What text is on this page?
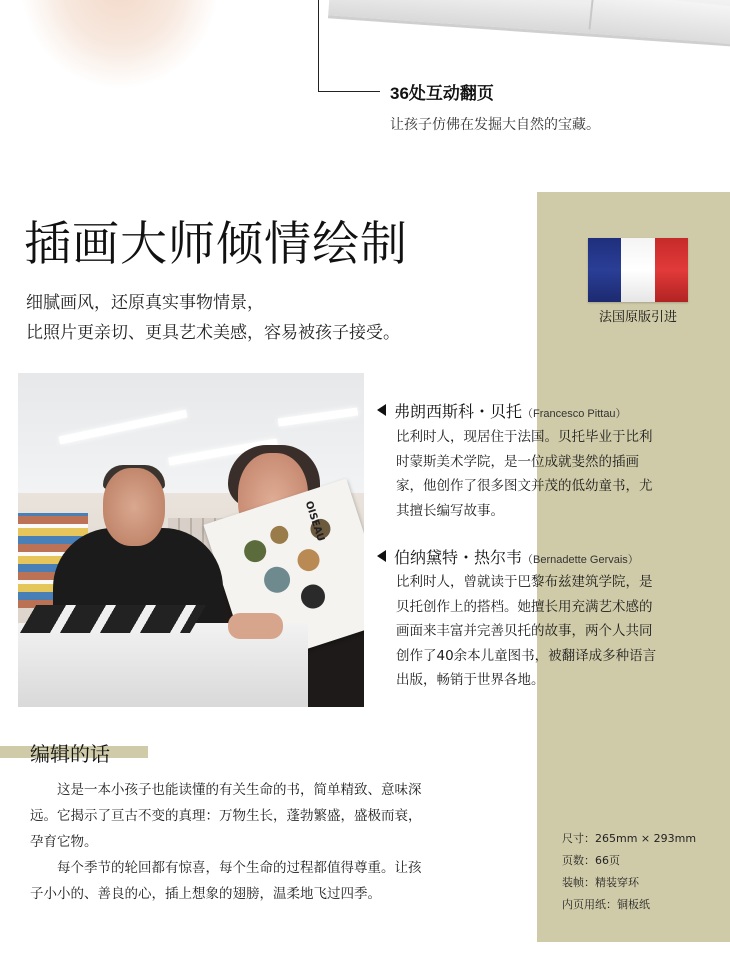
36处互动翻页
让孩子仿佛在发掘大自然的宝藏。
法国原版引进
插画大师倾情绘制
细腻画风，还原真实事物情景，
比照片更亲切、更具艺术美感，容易被孩子接受。
OISEAU
弗朗西斯科・贝托（Francesco Pittau）
比利时人，现居住于法国。贝托毕业于比利
时蒙斯美术学院，是一位成就斐然的插画
家，他创作了很多图文并茂的低幼童书，尤
其擅长编写故事。
伯纳黛特・热尔韦（Bernadette Gervais）
比利时人，曾就读于巴黎布兹建筑学院，是
贝托创作上的搭档。她擅长用充满艺术感的
画面来丰富并完善贝托的故事，两个人共同
创作了40余本儿童图书，被翻译成多种语言
出版，畅销于世界各地。
编辑的话
　　这是一本小孩子也能读懂的有关生命的书，简单精致、意味深
远。它揭示了亘古不变的真理：万物生长，蓬勃繁盛，盛极而衰，
孕育它物。
　　每个季节的轮回都有惊喜，每个生命的过程都值得尊重。让孩
子小小的、善良的心，插上想象的翅膀，温柔地飞过四季。
尺寸：265mm × 293mm
页数：66页
装帧：精装穿环
内页用纸：铜板纸
